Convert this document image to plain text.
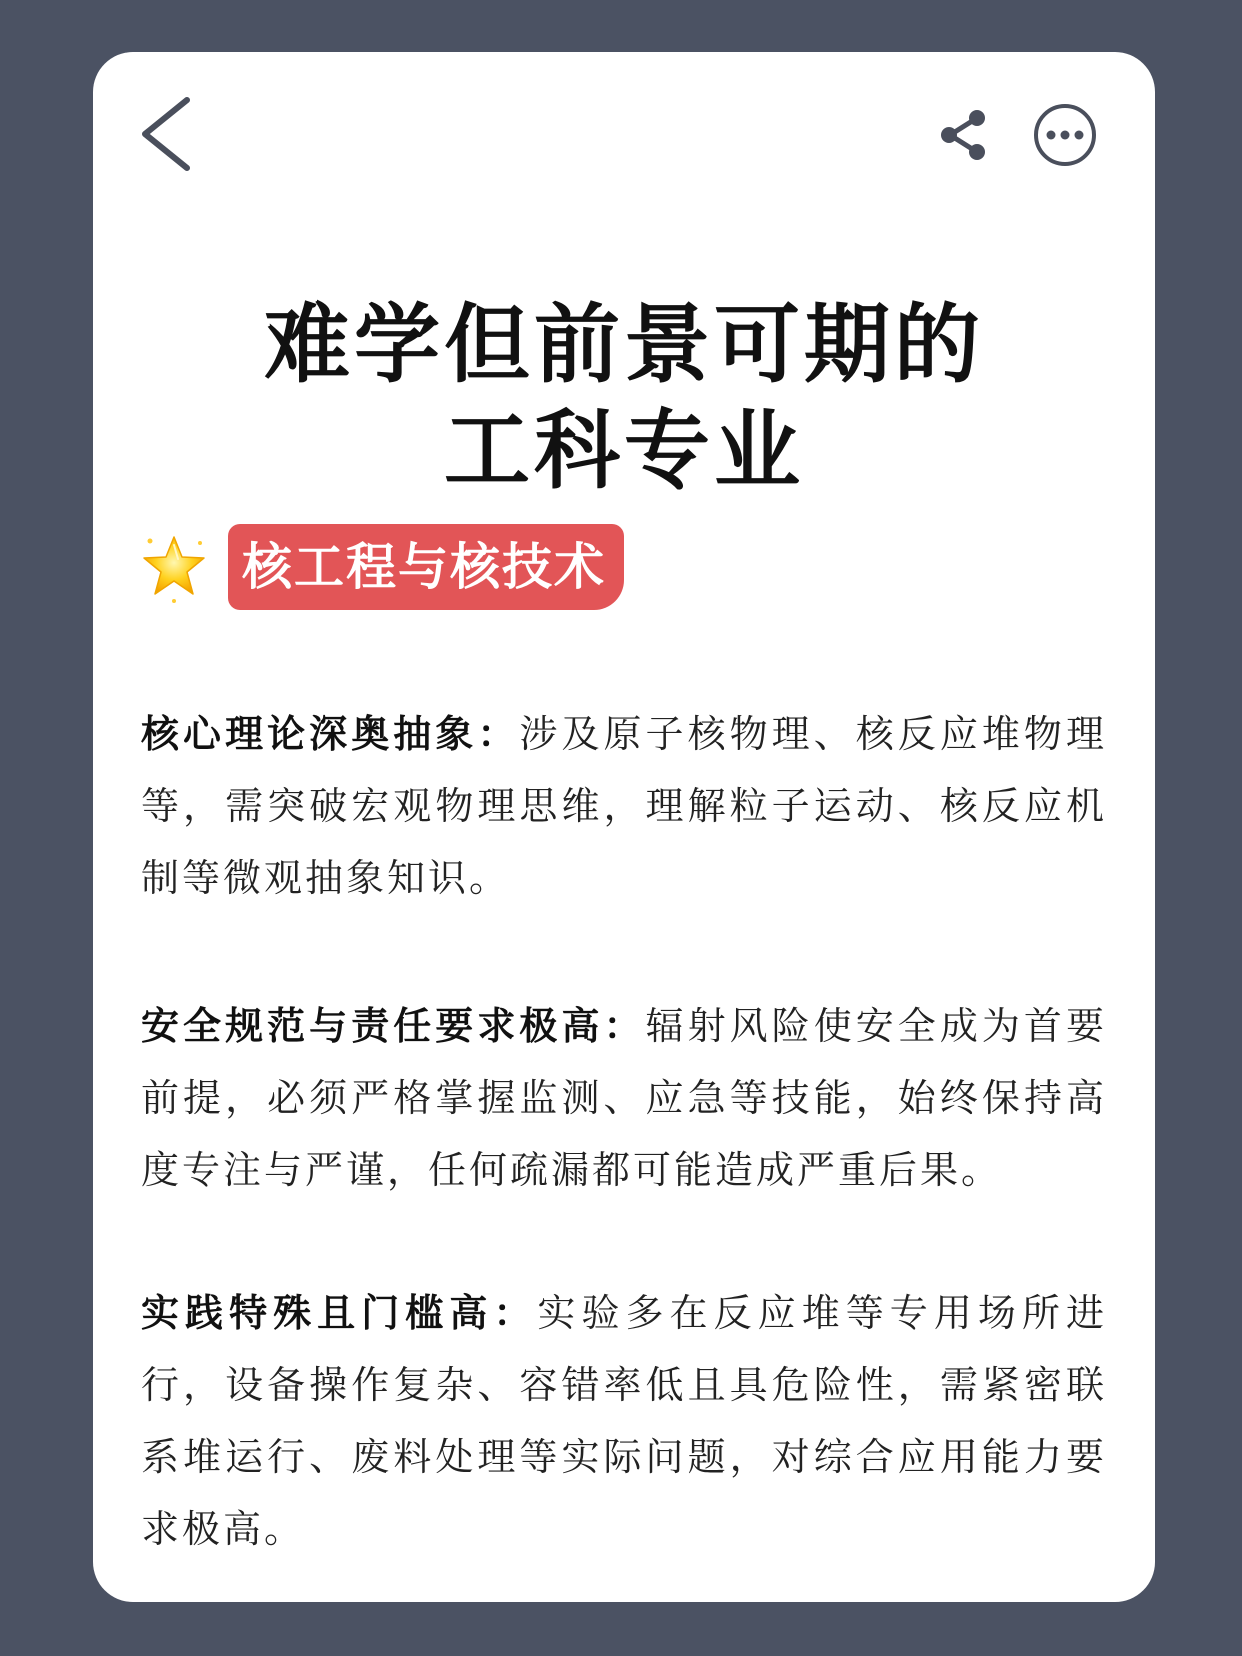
难学但前景可期的
工科专业
核工程与核技术

核心理论深奥抽象：涉及原子核物理、核反应堆物理等，需突破宏观物理思维，理解粒子运动、核反应机制等微观抽象知识。

安全规范与责任要求极高：辐射风险使安全成为首要前提，必须严格掌握监测、应急等技能，始终保持高度专注与严谨，任何疏漏都可能造成严重后果。

实践特殊且门槛高：实验多在反应堆等专用场所进行，设备操作复杂、容错率低且具危险性，需紧密联系堆运行、废料处理等实际问题，对综合应用能力要求极高。
